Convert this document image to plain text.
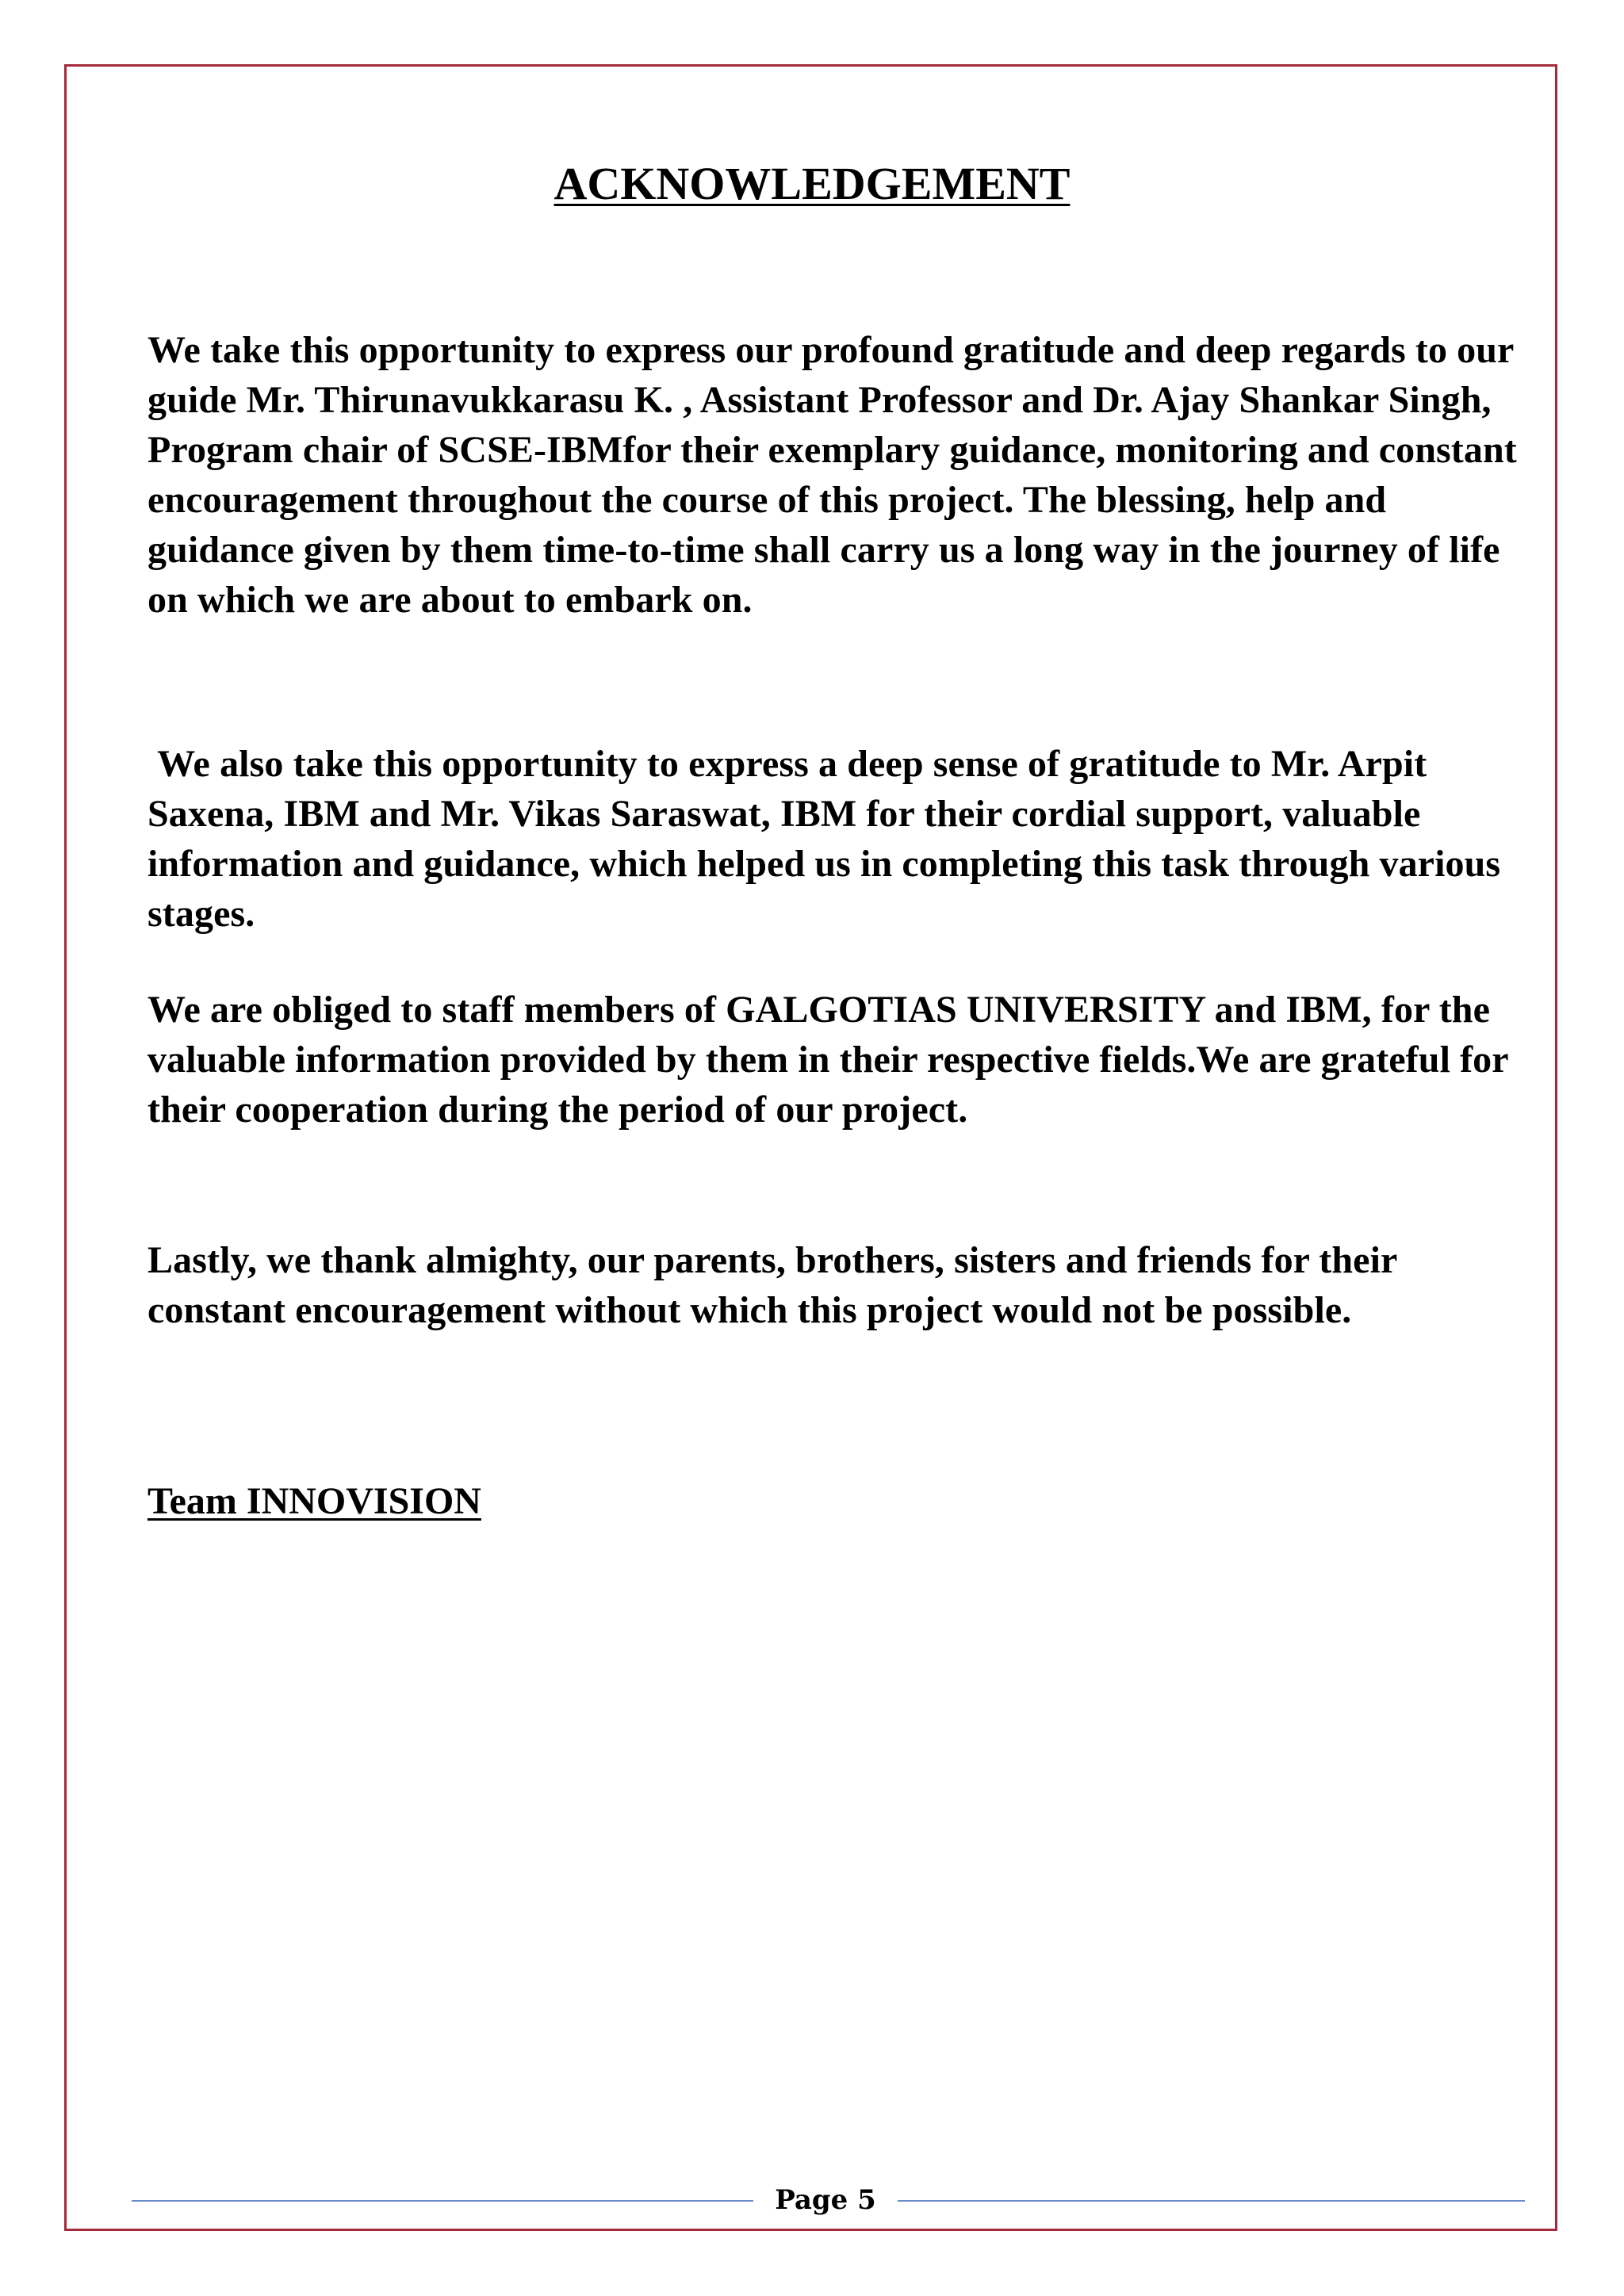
ACKNOWLEDGEMENT

We take this opportunity to express our profound gratitude and deep regards to our guide Mr. Thirunavukkarasu K. , Assistant Professor and Dr. Ajay Shankar Singh, Program chair of SCSE-IBMfor their exemplary guidance, monitoring and constant encouragement throughout the course of this project. The blessing, help and guidance given by them time-to-time shall carry us a long way in the journey of life on which we are about to embark on.

We also take this opportunity to express a deep sense of gratitude to Mr. Arpit Saxena, IBM and Mr. Vikas Saraswat, IBM for their cordial support, valuable information and guidance, which helped us in completing this task through various stages.

We are obliged to staff members of GALGOTIAS UNIVERSITY and IBM, for the valuable information provided by them in their respective fields.We are grateful for their cooperation during the period of our project.

Lastly, we thank almighty, our parents, brothers, sisters and friends for their constant encouragement without which this project would not be possible.

Team INNOVISION

Page 5
